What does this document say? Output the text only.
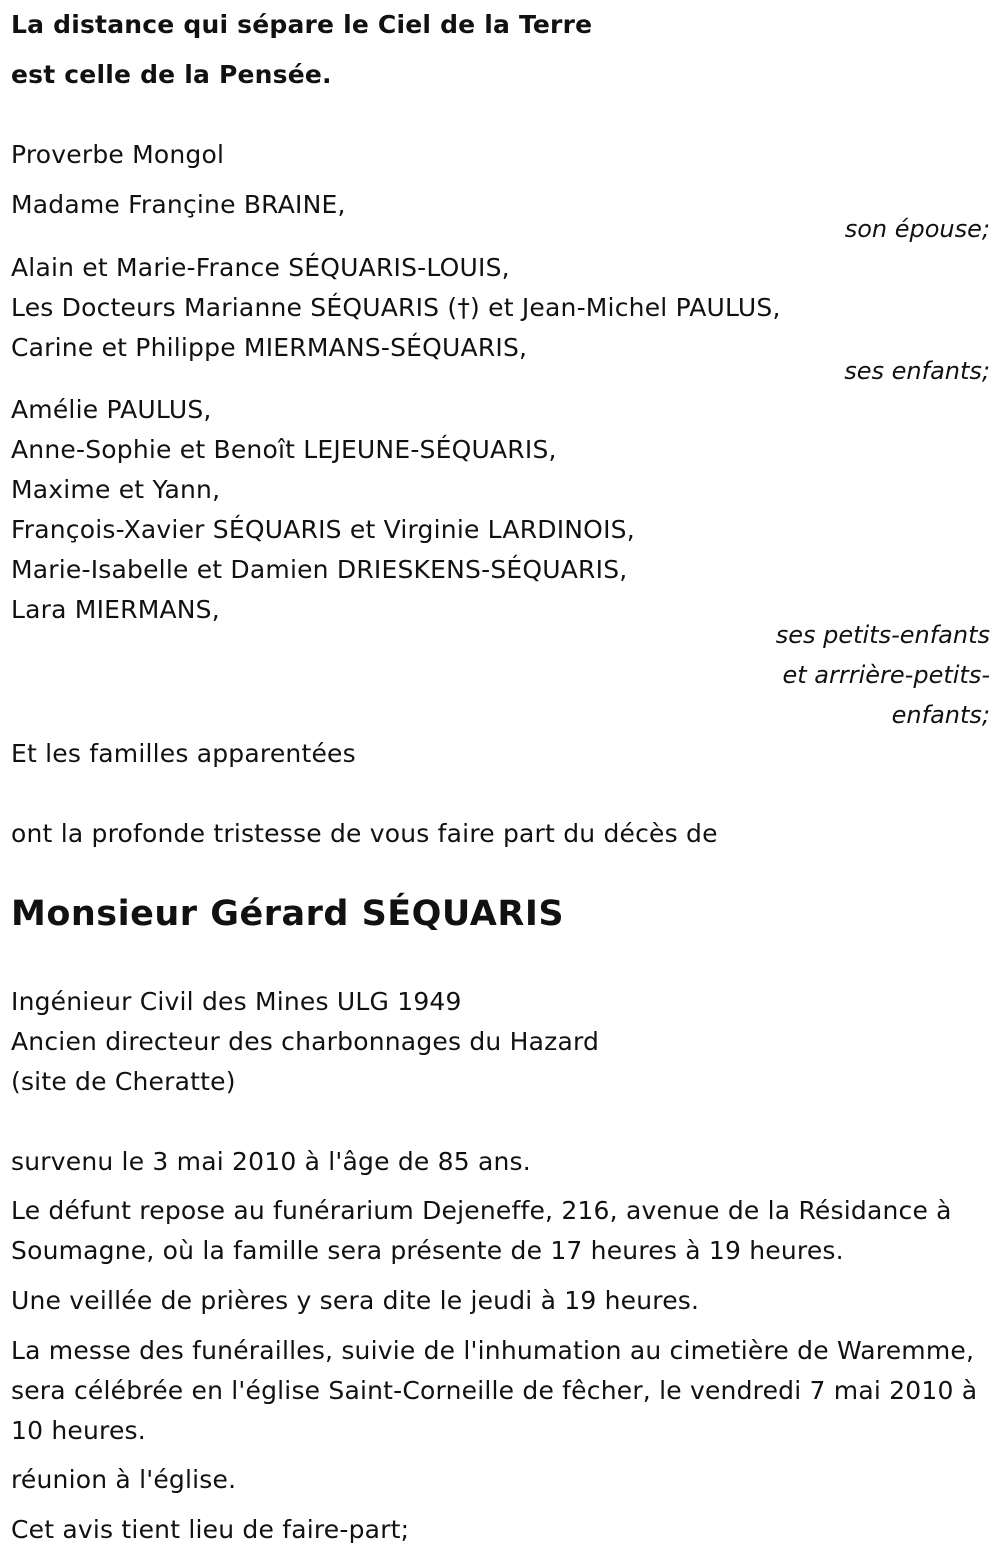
La distance qui sépare le Ciel de la Terre
est celle de la Pensée.
Proverbe Mongol
Madame Françine BRAINE,
son épouse;
Alain et Marie-France SÉQUARIS-LOUIS,
Les Docteurs Marianne SÉQUARIS (†) et Jean-Michel PAULUS,
Carine et Philippe MIERMANS-SÉQUARIS,
ses enfants;
Amélie PAULUS,
Anne-Sophie et Benoît LEJEUNE-SÉQUARIS,
Maxime et Yann,
François-Xavier SÉQUARIS et Virginie LARDINOIS,
Marie-Isabelle et Damien DRIESKENS-SÉQUARIS,
Lara MIERMANS,
ses petits-enfants
et arrrière-petits-
enfants;
Et les familles apparentées
ont la profonde tristesse de vous faire part du décès de
Monsieur Gérard SÉQUARIS
Ingénieur Civil des Mines ULG 1949
Ancien directeur des charbonnages du Hazard
(site de Cheratte)
survenu le 3 mai 2010 à l'âge de 85 ans.
Le défunt repose au funérarium Dejeneffe, 216, avenue de la Résidance à Soumagne, où la famille sera présente de 17 heures à 19 heures.
Une veillée de prières y sera dite le jeudi à 19 heures.
La messe des funérailles, suivie de l'inhumation au cimetière de Waremme, sera célébrée en l'église Saint-Corneille de fêcher, le vendredi 7 mai 2010 à 10 heures.
réunion à l'église.
Cet avis tient lieu de faire-part;
